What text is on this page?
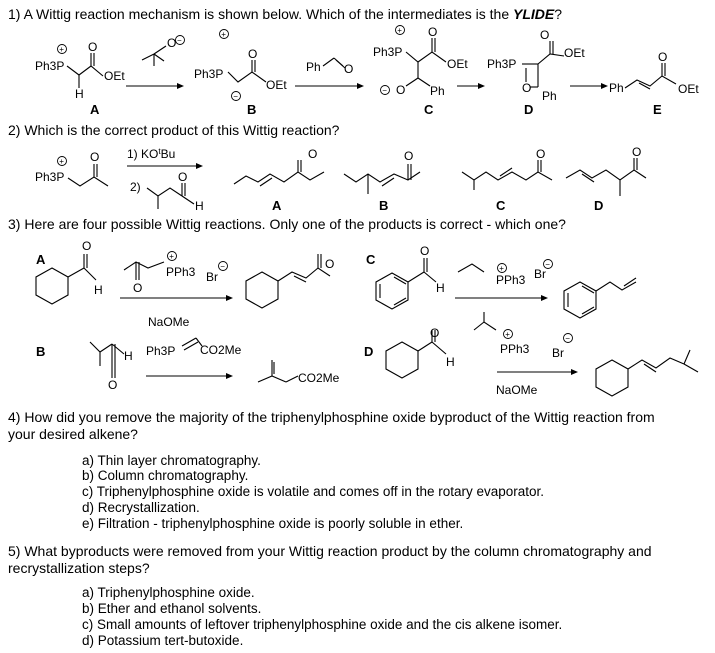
1) A Wittig reaction mechanism is shown below. Which of the intermediates is the YLIDE?
+
Ph3P
O
OEt
H
A
O −
+
Ph3P
O
OEt
−
B
Ph O
+
Ph3P
O
OEt
O
−	Ph
C
Ph3P
O
O
OEt
Ph
D
Ph
O
OEt
E
+
Ph3P
O 1) $KO^tBu$
2)
O
H
O
A
O
B
O
C
O
D
A
O
H	O
+
PPh3 Br
−
NaOMe
O C
O
H
+
PPh3 Br
−
B
O
H Ph3P CO2Me
CO2Me
D
O
H
+
PPh3 Br
−
NaOMe
2) Which is the correct product of this Wittig reaction?
3) Here are four possible Wittig reactions. Only one of the products is correct - which one?
4) How did you remove the majority of the triphenylphosphine oxide byproduct of the Wittig reaction from
your desired alkene?
a) Thin layer chromatography.
b) Column chromatography.
c) Triphenylphosphine oxide is volatile and comes off in the rotary evaporator.
d) Recrystallization.
e) Filtration - triphenylphosphine oxide is poorly soluble in ether.
5) What byproducts were removed from your Wittig reaction product by the column chromatography and recrystallization steps?
a) Triphenylphosphine oxide.
b) Ether and ethanol solvents.
c) Small amounts of leftover triphenylphosphine oxide and the cis alkene isomer.
d) Potassium tert-butoxide.
